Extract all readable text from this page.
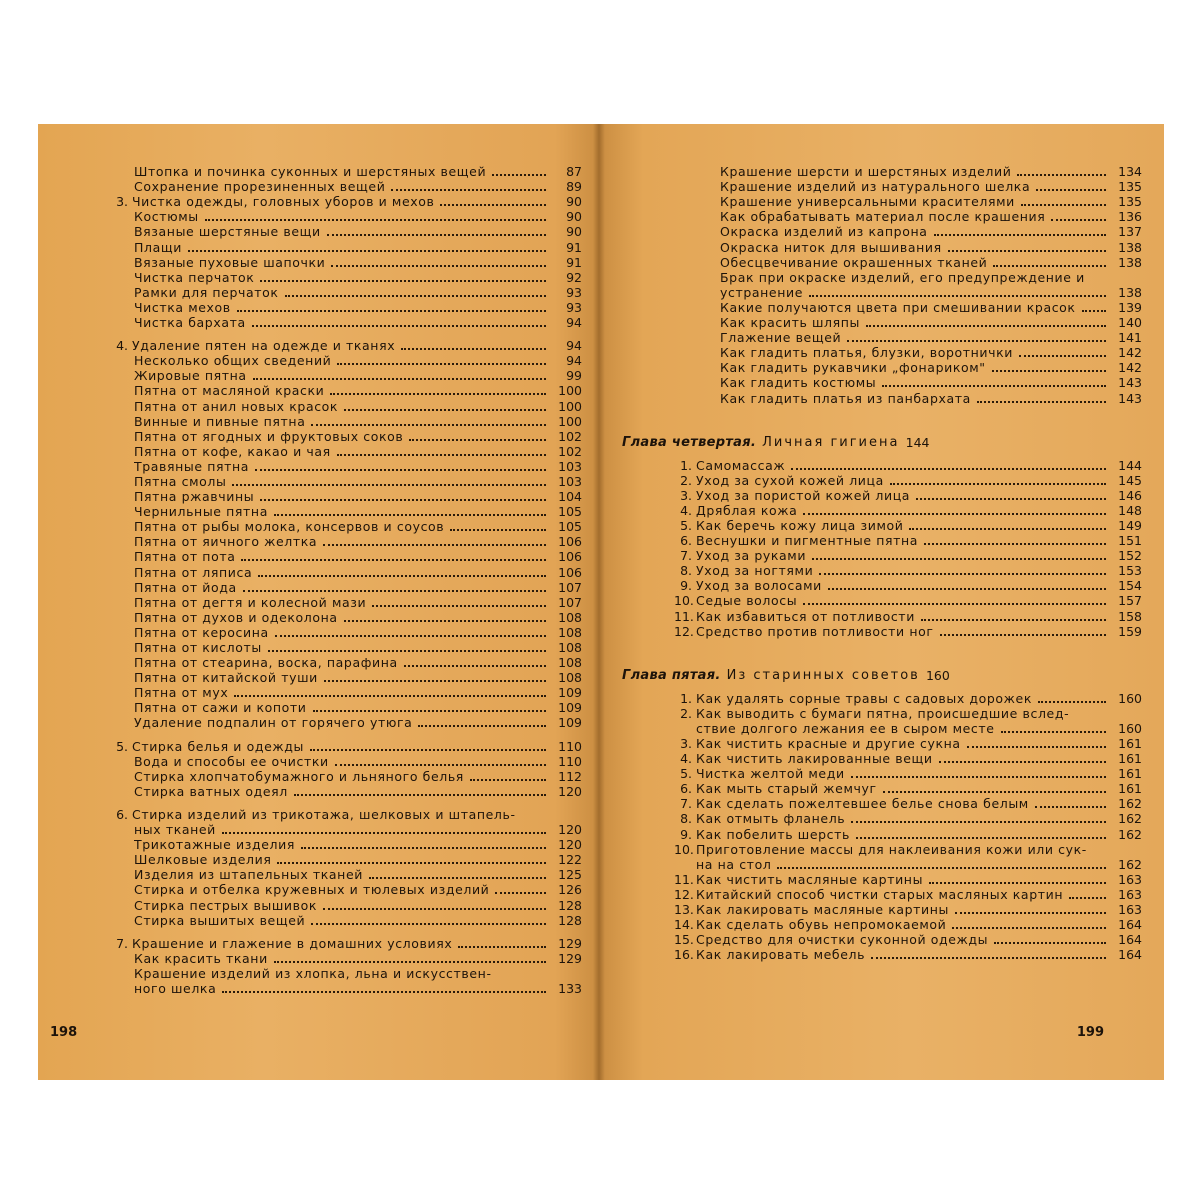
Штопка и починка суконных и шерстяных вещей	87
Сохранение прорезиненных вещей	89
3. Чистка одежды, головных уборов и мехов	90
Костюмы	90
Вязаные шерстяные вещи	90
Плащи	91
Вязаные пуховые шапочки	91
Чистка перчаток	92
Рамки для перчаток	93
Чистка мехов	93
Чистка бархата	94
4. Удаление пятен на одежде и тканях	94
Несколько общих сведений	94
Жировые пятна	99
Пятна от масляной краски	100
Пятна от анил новых красок	100
Винные и пивные пятна	100
Пятна от ягодных и фруктовых соков	102
Пятна от кофе, какао и чая	102
Травяные пятна	103
Пятна смолы	103
Пятна ржавчины	104
Чернильные пятна	105
Пятна от рыбы молока, консервов и соусов	105
Пятна от яичного желтка	106
Пятна от пота	106
Пятна от ляписа	106
Пятна от йода	107
Пятна от дегтя и колесной мази	107
Пятна от духов и одеколона	108
Пятна от керосина	108
Пятна от кислоты	108
Пятна от стеарина, воска, парафина	108
Пятна от китайской туши	108
Пятна от мух	109
Пятна от сажи и копоти	109
Удаление подпалин от горячего утюга	109
5. Стирка белья и одежды	110
Вода и способы ее очистки	110
Стирка хлопчатобумажного и льняного белья	112
Стирка ватных одеял	120
6. Стирка изделий из трикотажа, шелковых и штапель-
ных тканей	120
Трикотажные изделия	120
Шелковые изделия	122
Изделия из штапельных тканей	125
Стирка и отбелка кружевных и тюлевых изделий	126
Стирка пестрых вышивок	128
Стирка вышитых вещей	128
7. Крашение и глажение в домашних условиях	129
Как красить ткани	129
Крашение изделий из хлопка, льна и искусствен-
ного шелка	133
198
Крашение шерсти и шерстяных изделий	134
Крашение изделий из натурального шелка	135
Крашение универсальными красителями	135
Как обрабатывать материал после крашения	136
Окраска изделий из капрона	137
Окраска ниток для вышивания	138
Обесцвечивание окрашенных тканей	138
Брак при окраске изделий, его предупреждение и
устранение	138
Какие получаются цвета при смешивании красок	139
Как красить шляпы	140
Глажение вещей	141
Как гладить платья, блузки, воротнички	142
Как гладить рукавчики „фонариком"	142
Как гладить костюмы	143
Как гладить платья из панбархата	143
Глава четвертая. Личная гигиена 144
1. Самомассаж	144
2. Уход за сухой кожей лица	145
3. Уход за пористой кожей лица	146
4. Дряблая кожа	148
5. Как беречь кожу лица зимой	149
6. Веснушки и пигментные пятна	151
7. Уход за руками	152
8. Уход за ногтями	153
9. Уход за волосами	154
10. Седые волосы	157
11. Как избавиться от потливости	158
12. Средство против потливости ног	159
Глава пятая. Из старинных советов 160
1. Как удалять сорные травы с садовых дорожек	160
2. Как выводить с бумаги пятна, происшедшие вслед-
ствие долгого лежания ее в сыром месте	160
3. Как чистить красные и другие сукна	161
4. Как чистить лакированные вещи	161
5. Чистка желтой меди	161
6. Как мыть старый жемчуг	161
7. Как сделать пожелтевшее белье снова белым	162
8. Как отмыть фланель	162
9. Как побелить шерсть	162
10. Приготовление массы для наклеивания кожи или сук-
на на стол	162
11. Как чистить масляные картины	163
12. Китайский способ чистки старых масляных картин	163
13. Как лакировать масляные картины	163
14. Как сделать обувь непромокаемой	164
15. Средство для очистки суконной одежды	164
16. Как лакировать мебель	164
199
